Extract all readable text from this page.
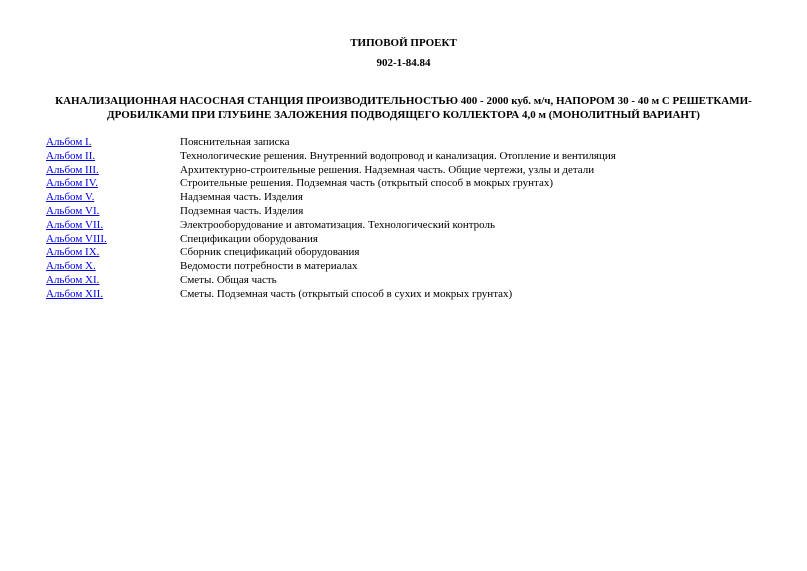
ТИПОВОЙ ПРОЕКТ
902-1-84.84
КАНАЛИЗАЦИОННАЯ НАСОСНАЯ СТАНЦИЯ ПРОИЗВОДИТЕЛЬНОСТЬЮ 400 - 2000 куб. м/ч, НАПОРОМ 30 - 40 м С РЕШЕТКАМИ-ДРОБИЛКАМИ ПРИ ГЛУБИНЕ ЗАЛОЖЕНИЯ ПОДВОДЯЩЕГО КОЛЛЕКТОРА 4,0 м (МОНОЛИТНЫЙ ВАРИАНТ)
Альбом I.	Пояснительная записка
Альбом II.	Технологические решения. Внутренний водопровод и канализация. Отопление и вентиляция
Альбом III.	Архитектурно-строительные решения. Надземная часть. Общие чертежи, узлы и детали
Альбом IV.	Строительные решения. Подземная часть (открытый способ в мокрых грунтах)
Альбом V.	Надземная часть. Изделия
Альбом VI.	Подземная часть. Изделия
Альбом VII.	Электрооборудование и автоматизация. Технологический контроль
Альбом VIII.	Спецификации оборудования
Альбом IX.	Сборник спецификаций оборудования
Альбом X.	Ведомости потребности в материалах
Альбом XI.	Сметы. Общая часть
Альбом XII.	Сметы. Подземная часть (открытый способ в сухих и мокрых грунтах)
